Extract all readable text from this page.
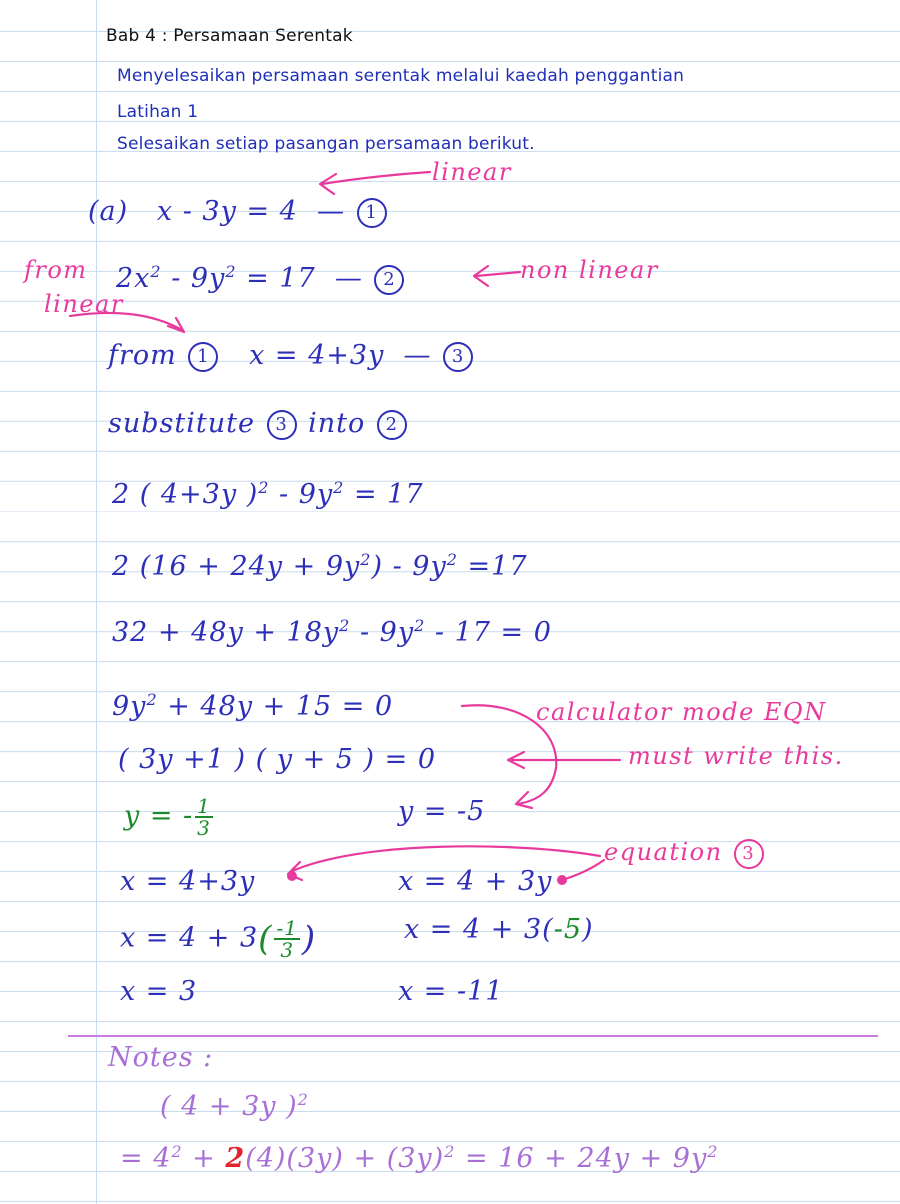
Bab 4 : Persamaan Serentak
Menyelesaikan persamaan serentak melalui kaedah penggantian
Latihan 1
Selesaikan setiap pasangan persamaan berikut.
linear
(a) x - 3y = 4  — 1
from
linear
$2x^2 - 9y^2 = 17$  — 2	non linear
from 1 x = 4+3y  — 3
substitute 3 into 2
2 ( 4+3y )$^2 - 9y^2 = 17$
2 $(16 + 24y + 9y^2) - 9y^2 =17$
$32 + 48y + 18y^2 - 9y^2 - 17 = 0$
$9y^2 + 48y + 15 = 0$	calculator mode EQN
( 3y +1 ) ( y + 5 ) = 0	must write this.
y = - $\frac{1}{3}$	y = -5
equation 3
x = 4+3y	x = 4 + 3y
$x = 4 + 3( \frac{-1}{3}$ )	x = 4 + 3(-5)
x = 3	x = -11
Notes :
( 4 + 3y )$^2$
= $4^2 + 2(4)(3y) + (3y)^2 = 16 + 24y + 9y^2$
